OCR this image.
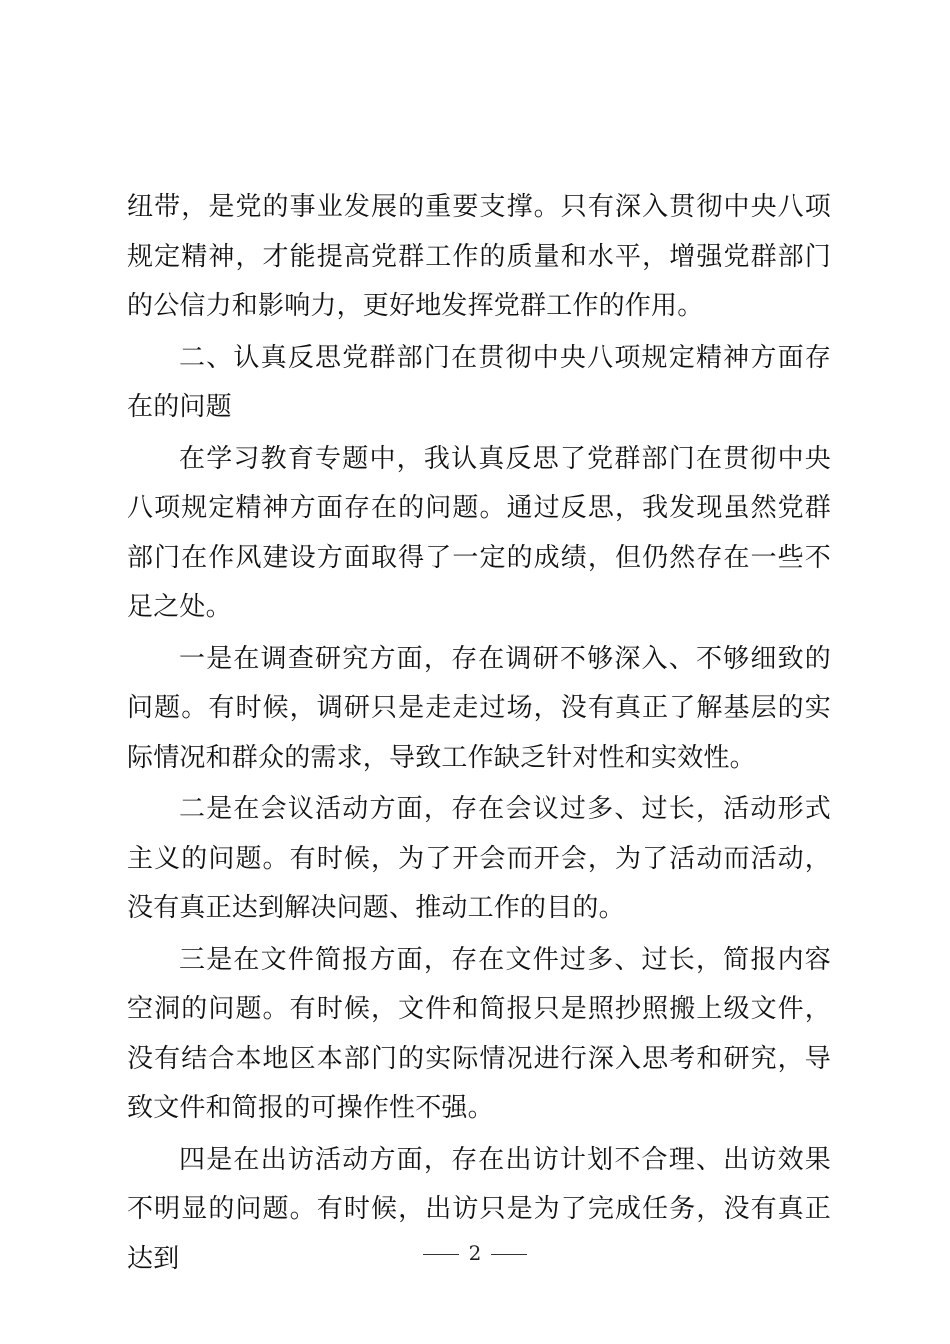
纽带，是党的事业发展的重要支撑。只有深入贯彻中央八项规定精神，才能提高党群工作的质量和水平，增强党群部门的公信力和影响力，更好地发挥党群工作的作用。

二、认真反思党群部门在贯彻中央八项规定精神方面存在的问题

在学习教育专题中，我认真反思了党群部门在贯彻中央八项规定精神方面存在的问题。通过反思，我发现虽然党群部门在作风建设方面取得了一定的成绩，但仍然存在一些不足之处。

一是在调查研究方面，存在调研不够深入、不够细致的问题。有时候，调研只是走走过场，没有真正了解基层的实际情况和群众的需求，导致工作缺乏针对性和实效性。

二是在会议活动方面，存在会议过多、过长，活动形式主义的问题。有时候，为了开会而开会，为了活动而活动，没有真正达到解决问题、推动工作的目的。

三是在文件简报方面，存在文件过多、过长，简报内容空洞的问题。有时候，文件和简报只是照抄照搬上级文件，没有结合本地区本部门的实际情况进行深入思考和研究，导致文件和简报的可操作性不强。

四是在出访活动方面，存在出访计划不合理、出访效果不明显的问题。有时候，出访只是为了完成任务，没有真正达到	2
